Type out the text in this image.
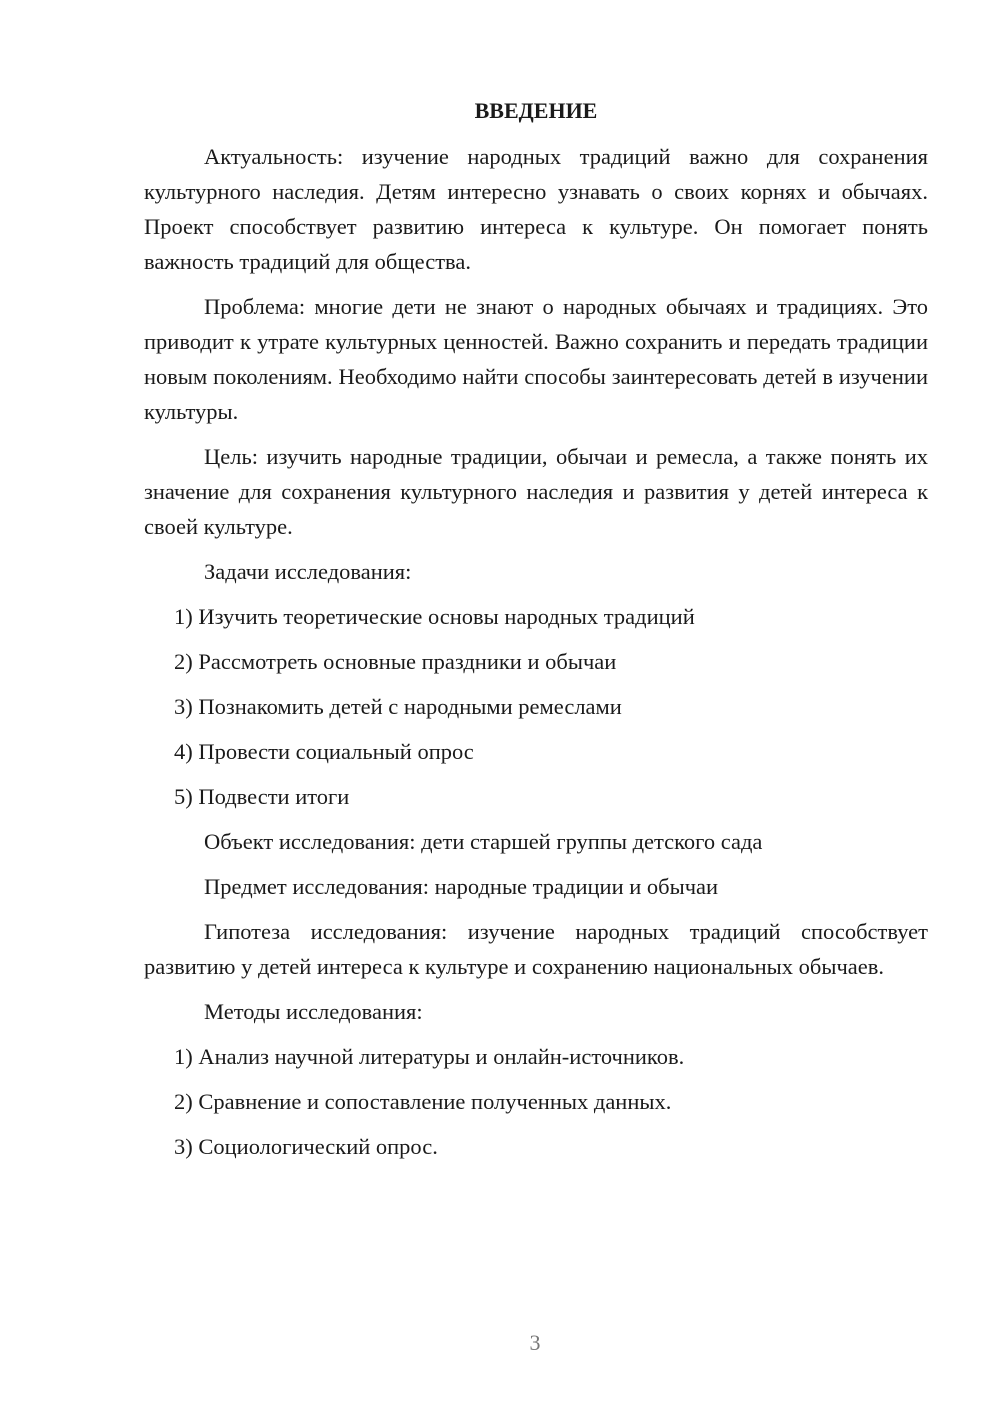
ВВЕДЕНИЕ
Актуальность: изучение народных традиций важно для сохранения культурного наследия. Детям интересно узнавать о своих корнях и обычаях. Проект способствует развитию интереса к культуре. Он помогает понять важность традиций для общества.
Проблема: многие дети не знают о народных обычаях и традициях. Это приводит к утрате культурных ценностей. Важно сохранить и передать традиции новым поколениям. Необходимо найти способы заинтересовать детей в изучении культуры.
Цель: изучить народные традиции, обычаи и ремесла, а также понять их значение для сохранения культурного наследия и развития у детей интереса к своей культуре.
Задачи исследования:
1) Изучить теоретические основы народных традиций
2) Рассмотреть основные праздники и обычаи
3) Познакомить детей с народными ремеслами
4) Провести социальный опрос
5) Подвести итоги
Объект исследования: дети старшей группы детского сада
Предмет исследования: народные традиции и обычаи
Гипотеза исследования: изучение народных традиций способствует развитию у детей интереса к культуре и сохранению национальных обычаев.
Методы исследования:
1) Анализ научной литературы и онлайн-источников.
2) Сравнение и сопоставление полученных данных.
3) Социологический опрос.
3
